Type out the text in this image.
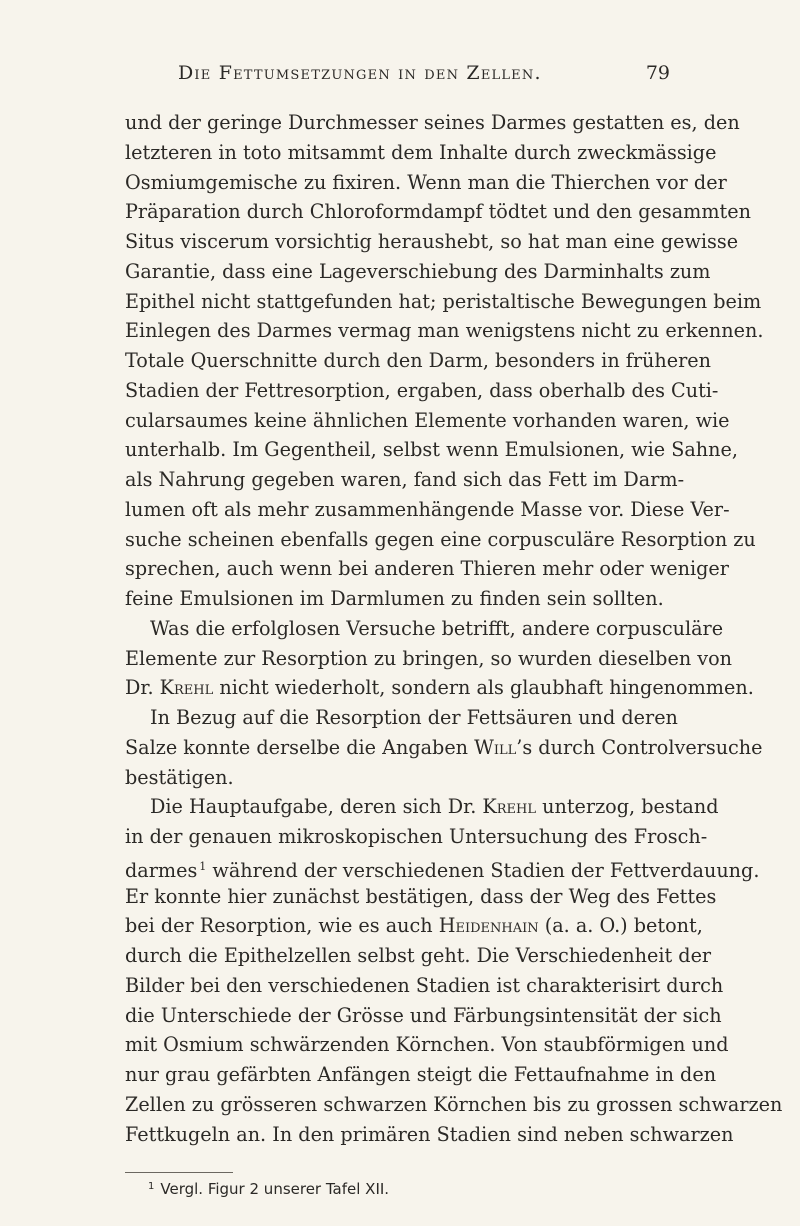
Die Fettumsetzungen in den Zellen.	79
und der geringe Durchmesser seines Darmes gestatten es, den
letzteren in toto mitsammt dem Inhalte durch zweckmässige
Osmiumgemische zu fixiren. Wenn man die Thierchen vor der
Präparation durch Chloroformdampf tödtet und den gesammten
Situs viscerum vorsichtig heraushebt, so hat man eine gewisse
Garantie, dass eine Lageverschiebung des Darminhalts zum
Epithel nicht stattgefunden hat; peristaltische Bewegungen beim
Einlegen des Darmes vermag man wenigstens nicht zu erkennen.
Totale Querschnitte durch den Darm, besonders in früheren
Stadien der Fettresorption, ergaben, dass oberhalb des Cuti-
cularsaumes keine ähnlichen Elemente vorhanden waren, wie
unterhalb. Im Gegentheil, selbst wenn Emulsionen, wie Sahne,
als Nahrung gegeben waren, fand sich das Fett im Darm-
lumen oft als mehr zusammenhängende Masse vor. Diese Ver-
suche scheinen ebenfalls gegen eine corpusculäre Resorption zu
sprechen, auch wenn bei anderen Thieren mehr oder weniger
feine Emulsionen im Darmlumen zu finden sein sollten.
Was die erfolglosen Versuche betrifft, andere corpusculäre
Elemente zur Resorption zu bringen, so wurden dieselben von
Dr. Krehl nicht wiederholt, sondern als glaubhaft hingenommen.
In Bezug auf die Resorption der Fettsäuren und deren
Salze konnte derselbe die Angaben Will’s durch Controlversuche
bestätigen.
Die Hauptaufgabe, deren sich Dr. Krehl unterzog, bestand
in der genauen mikroskopischen Untersuchung des Frosch-
darmes $^1$ während der verschiedenen Stadien der Fettverdauung.
Er konnte hier zunächst bestätigen, dass der Weg des Fettes
bei der Resorption, wie es auch Heidenhain (a. a. O.) betont,
durch die Epithelzellen selbst geht. Die Verschiedenheit der
Bilder bei den verschiedenen Stadien ist charakterisirt durch
die Unterschiede der Grösse und Färbungsintensität der sich
mit Osmium schwärzenden Körnchen. Von staubförmigen und
nur grau gefärbten Anfängen steigt die Fettaufnahme in den
Zellen zu grösseren schwarzen Körnchen bis zu grossen schwarzen
Fettkugeln an. In den primären Stadien sind neben schwarzen
$^1$ Vergl. Figur 2 unserer Tafel XII.
